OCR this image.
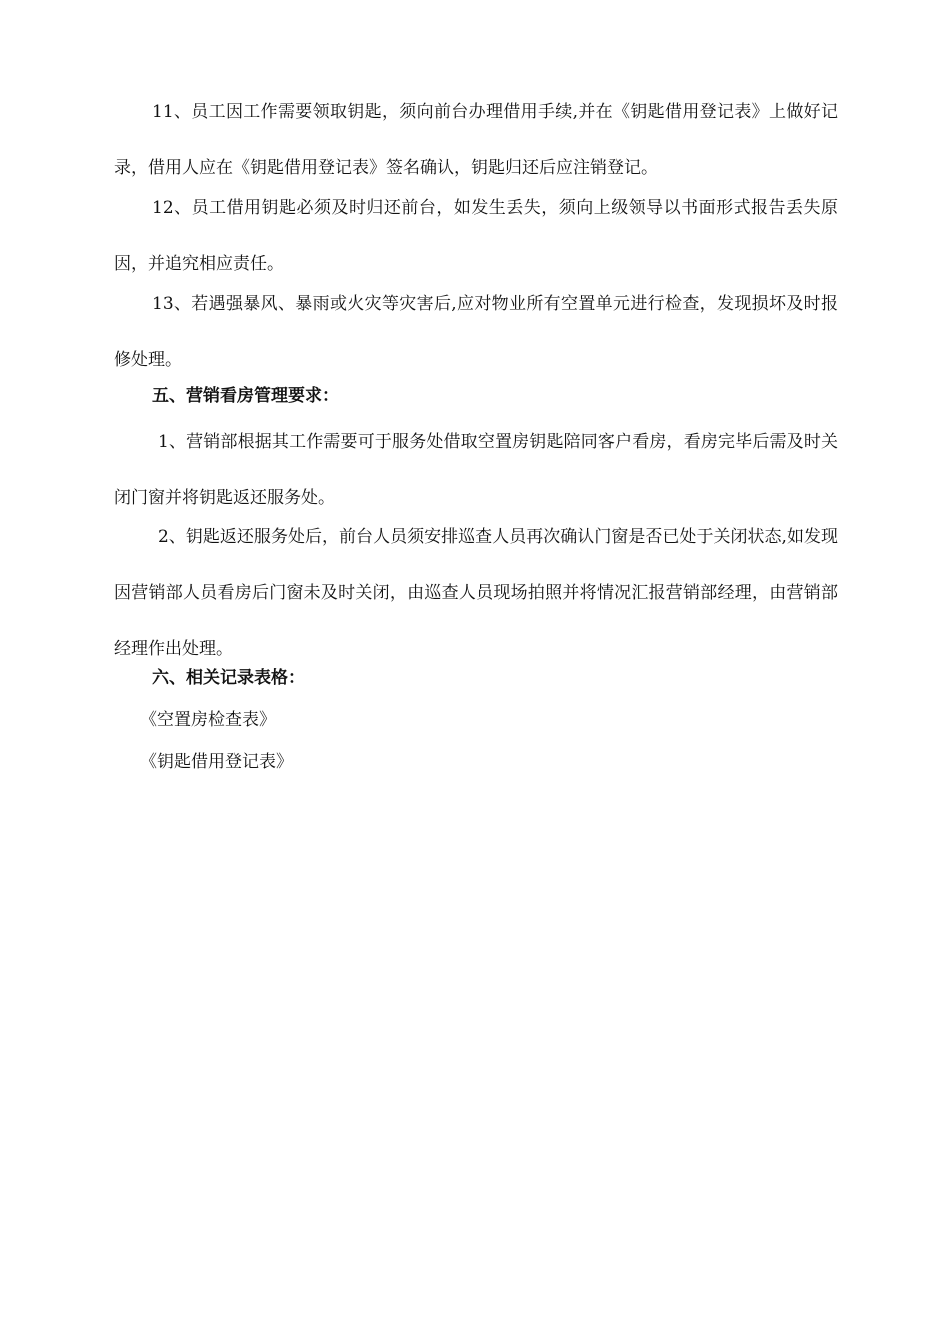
11、员工因工作需要领取钥匙，须向前台办理借用手续,并在《钥匙借用登记表》上做好记录，借用人应在《钥匙借用登记表》签名确认，钥匙归还后应注销登记。

12、员工借用钥匙必须及时归还前台，如发生丢失，须向上级领导以书面形式报告丢失原因，并追究相应责任。

13、若遇强暴风、暴雨或火灾等灾害后,应对物业所有空置单元进行检查，发现损坏及时报修处理。

五、营销看房管理要求：

1、营销部根据其工作需要可于服务处借取空置房钥匙陪同客户看房，看房完毕后需及时关闭门窗并将钥匙返还服务处。

2、钥匙返还服务处后，前台人员须安排巡查人员再次确认门窗是否已处于关闭状态,如发现因营销部人员看房后门窗未及时关闭，由巡查人员现场拍照并将情况汇报营销部经理，由营销部经理作出处理。

六、相关记录表格：

《空置房检查表》

《钥匙借用登记表》
